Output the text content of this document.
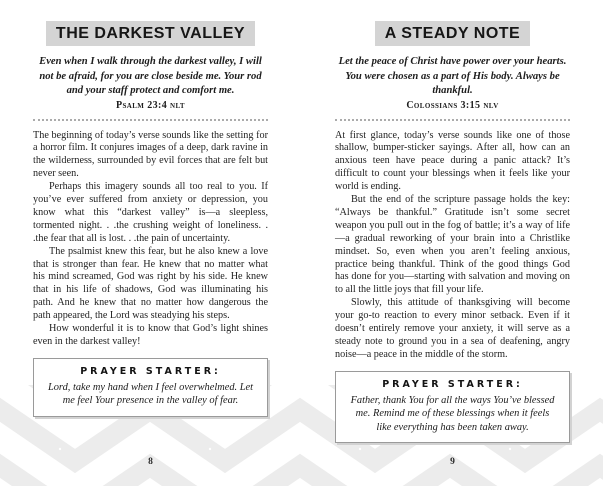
THE DARKEST VALLEY
Even when I walk through the darkest valley, I will not be afraid, for you are close beside me. Your rod and your staff protect and comfort me.
Psalm 23:4 nlt

The beginning of today’s verse sounds like the setting for a horror film. It conjures images of a deep, dark ravine in the wilderness, surrounded by evil forces that are felt but never seen.

Perhaps this imagery sounds all too real to you. If you’ve ever suffered from anxiety or depression, you know what this “darkest valley” is—a sleepless, tormented night. . .the crushing weight of loneliness. . .the fear that all is lost. . .the pain of uncertainty.

The psalmist knew this fear, but he also knew a love that is stronger than fear. He knew that no matter what his mind screamed, God was right by his side. He knew that in his life of shadows, God was illuminating his path. And he knew that no matter how dangerous the path appeared, the Lord was steadying his steps.

How wonderful it is to know that God’s light shines even in the darkest valley!

PRAYER STARTER:
Lord, take my hand when I feel overwhelmed. Let me feel Your presence in the valley of fear.
8
A STEADY NOTE
Let the peace of Christ have power over your hearts. You were chosen as a part of His body. Always be thankful.
Colossians 3:15 nlv

At first glance, today’s verse sounds like one of those shallow, bumper-sticker sayings. After all, how can an anxious teen have peace during a panic attack? It’s difficult to count your blessings when it feels like your world is ending.

But the end of the scripture passage holds the key: “Always be thankful.” Gratitude isn’t some secret weapon you pull out in the fog of battle; it’s a way of life—a gradual reworking of your brain into a Christlike mindset. So, even when you aren’t feeling anxious, practice being thankful. Think of the good things God has done for you—starting with salvation and moving on to all the little joys that fill your life.

Slowly, this attitude of thanksgiving will become your go-to reaction to every minor setback. Even if it doesn’t entirely remove your anxiety, it will serve as a steady note to ground you in a sea of deafening, angry noise—a peace in the middle of the storm.

PRAYER STARTER:
Father, thank You for all the ways You’ve blessed me. Remind me of these blessings when it feels like everything has been taken away.
9
